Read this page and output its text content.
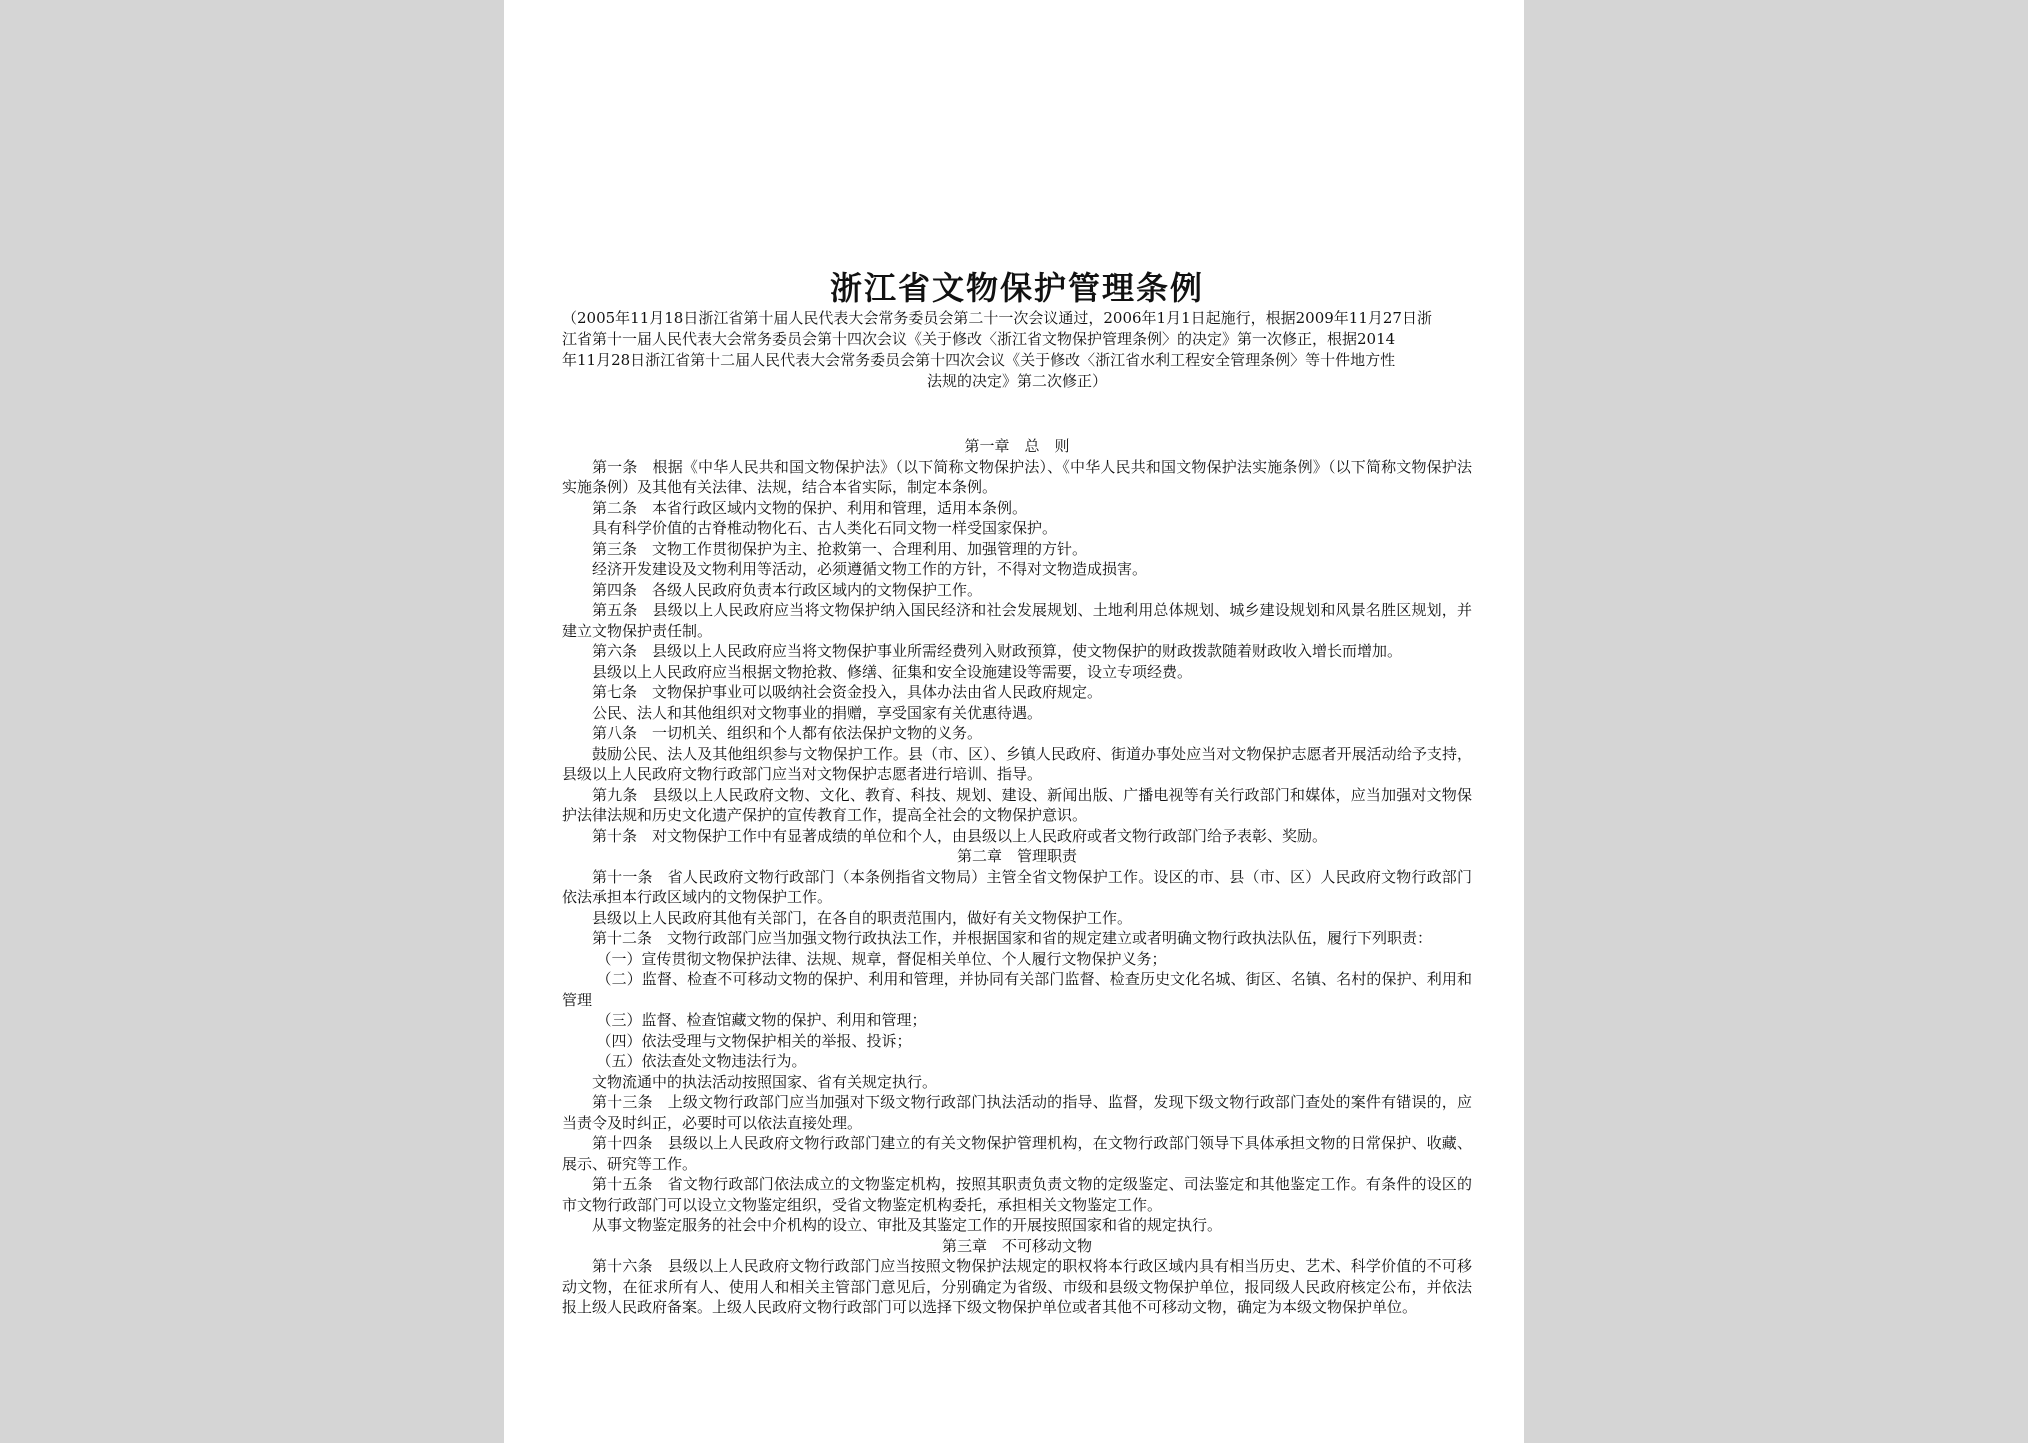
浙江省文物保护管理条例
（2005年11月18日浙江省第十届人民代表大会常务委员会第二十一次会议通过，2006年1月1日起施行，根据2009年11月27日浙
江省第十一届人民代表大会常务委员会第十四次会议《关于修改〈浙江省文物保护管理条例〉的决定》第一次修正，根据2014
年11月28日浙江省第十二届人民代表大会常务委员会第十四次会议《关于修改〈浙江省水利工程安全管理条例〉等十件地方性
法规的决定》第二次修正）
第一章　总　则
第一条 根据《中华人民共和国文物保护法》（以下简称文物保护法）、《中华人民共和国文物保护法实施条例》（以下简称文物保护法实施条例）及其他有关法律、法规，结合本省实际，制定本条例。
第二条 本省行政区域内文物的保护、利用和管理，适用本条例。
具有科学价值的古脊椎动物化石、古人类化石同文物一样受国家保护。
第三条 文物工作贯彻保护为主、抢救第一、合理利用、加强管理的方针。
经济开发建设及文物利用等活动，必须遵循文物工作的方针，不得对文物造成损害。
第四条 各级人民政府负责本行政区域内的文物保护工作。
第五条 县级以上人民政府应当将文物保护纳入国民经济和社会发展规划、土地利用总体规划、城乡建设规划和风景名胜区规划，并建立文物保护责任制。
第六条 县级以上人民政府应当将文物保护事业所需经费列入财政预算，使文物保护的财政拨款随着财政收入增长而增加。
县级以上人民政府应当根据文物抢救、修缮、征集和安全设施建设等需要，设立专项经费。
第七条 文物保护事业可以吸纳社会资金投入，具体办法由省人民政府规定。
公民、法人和其他组织对文物事业的捐赠，享受国家有关优惠待遇。
第八条 一切机关、组织和个人都有依法保护文物的义务。
鼓励公民、法人及其他组织参与文物保护工作。县（市、区）、乡镇人民政府、街道办事处应当对文物保护志愿者开展活动给予支持，县级以上人民政府文物行政部门应当对文物保护志愿者进行培训、指导。
第九条 县级以上人民政府文物、文化、教育、科技、规划、建设、新闻出版、广播电视等有关行政部门和媒体，应当加强对文物保护法律法规和历史文化遗产保护的宣传教育工作，提高全社会的文物保护意识。
第十条 对文物保护工作中有显著成绩的单位和个人，由县级以上人民政府或者文物行政部门给予表彰、奖励。
第二章　管理职责
第十一条 省人民政府文物行政部门（本条例指省文物局）主管全省文物保护工作。设区的市、县（市、区）人民政府文物行政部门依法承担本行政区域内的文物保护工作。
县级以上人民政府其他有关部门，在各自的职责范围内，做好有关文物保护工作。
第十二条 文物行政部门应当加强文物行政执法工作，并根据国家和省的规定建立或者明确文物行政执法队伍，履行下列职责：
（一）宣传贯彻文物保护法律、法规、规章，督促相关单位、个人履行文物保护义务；
（二）监督、检查不可移动文物的保护、利用和管理，并协同有关部门监督、检查历史文化名城、街区、名镇、名村的保护、利用和管理
（三）监督、检查馆藏文物的保护、利用和管理；
（四）依法受理与文物保护相关的举报、投诉；
（五）依法查处文物违法行为。
文物流通中的执法活动按照国家、省有关规定执行。
第十三条 上级文物行政部门应当加强对下级文物行政部门执法活动的指导、监督，发现下级文物行政部门查处的案件有错误的，应当责令及时纠正，必要时可以依法直接处理。
第十四条 县级以上人民政府文物行政部门建立的有关文物保护管理机构，在文物行政部门领导下具体承担文物的日常保护、收藏、展示、研究等工作。
第十五条 省文物行政部门依法成立的文物鉴定机构，按照其职责负责文物的定级鉴定、司法鉴定和其他鉴定工作。有条件的设区的市文物行政部门可以设立文物鉴定组织，受省文物鉴定机构委托，承担相关文物鉴定工作。
从事文物鉴定服务的社会中介机构的设立、审批及其鉴定工作的开展按照国家和省的规定执行。
第三章　不可移动文物
第十六条 县级以上人民政府文物行政部门应当按照文物保护法规定的职权将本行政区域内具有相当历史、艺术、科学价值的不可移动文物，在征求所有人、使用人和相关主管部门意见后，分别确定为省级、市级和县级文物保护单位，报同级人民政府核定公布，并依法报上级人民政府备案。上级人民政府文物行政部门可以选择下级文物保护单位或者其他不可移动文物，确定为本级文物保护单位。
